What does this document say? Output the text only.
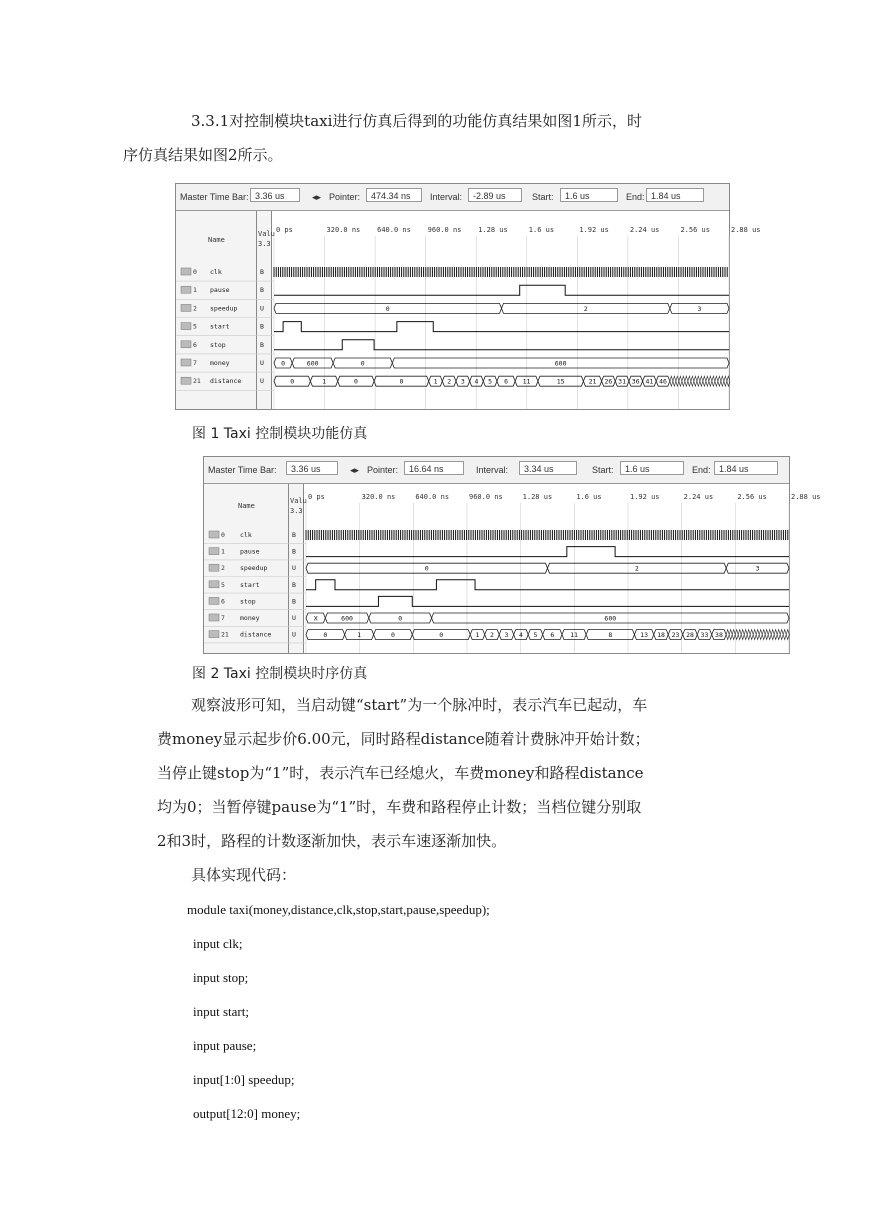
3.3.1对控制模块taxi进行仿真后得到的功能仿真结果如图1所示，时
序仿真结果如图2所示。

Master Time Bar: 3.36 us	◂▸ Pointer:	474.34 ns	Interval:	-2.89 us	Start:	1.6 us	End: 1.84 us
Name
Valu
3.3
0 ps	320.0 ns 640.0 ns 960.0 ns 1.28 us	1.6 us	1.92 us	2.24 us	2.56 us	2.88 us
0 clk	B
1 pause	B
2 speedup	U
5 start	B
6 stop	B
7 money	U
21 distance	U
0	2	3
0	600	0	600
0	1	0	0	1 2 3 4 5 6 11	15	21 26 31 36 41 46
图 1 Taxi 控制模块功能仿真
Master Time Bar:	3.36 us	◂▸ Pointer:	16.64 ns	Interval:	3.34 us	Start:	1.6 us	End: 1.84 us
Name
Valu
3.3
0 ps	320.0 ns	640.0 ns	960.0 ns	1.28 us	1.6 us	1.92 us	2.24 us	2.56 us	2.88 us
0 clk	B
1 pause	B
2 speedup	U
5 start	B
6 stop	B
7 money	U
21 distance	U
0	2	3
X	600	0	600
0	1	0	0	1 2 3 4 5 6 11	8	13 18 23 28 33 38
图 2 Taxi 控制模块时序仿真

观察波形可知，当启动键“start”为一个脉冲时，表示汽车已起动，车
费money显示起步价6.00元，同时路程distance随着计费脉冲开始计数；
当停止键stop为“1”时，表示汽车已经熄火，车费money和路程distance
均为0；当暂停键pause为“1”时，车费和路程停止计数；当档位键分别取
2和3时，路程的计数逐渐加快，表示车速逐渐加快。

具体实现代码：

module taxi(money,distance,clk,stop,start,pause,speedup);
input clk;
input stop;
input start;
input pause;
input[1:0] speedup;
output[12:0] money;
